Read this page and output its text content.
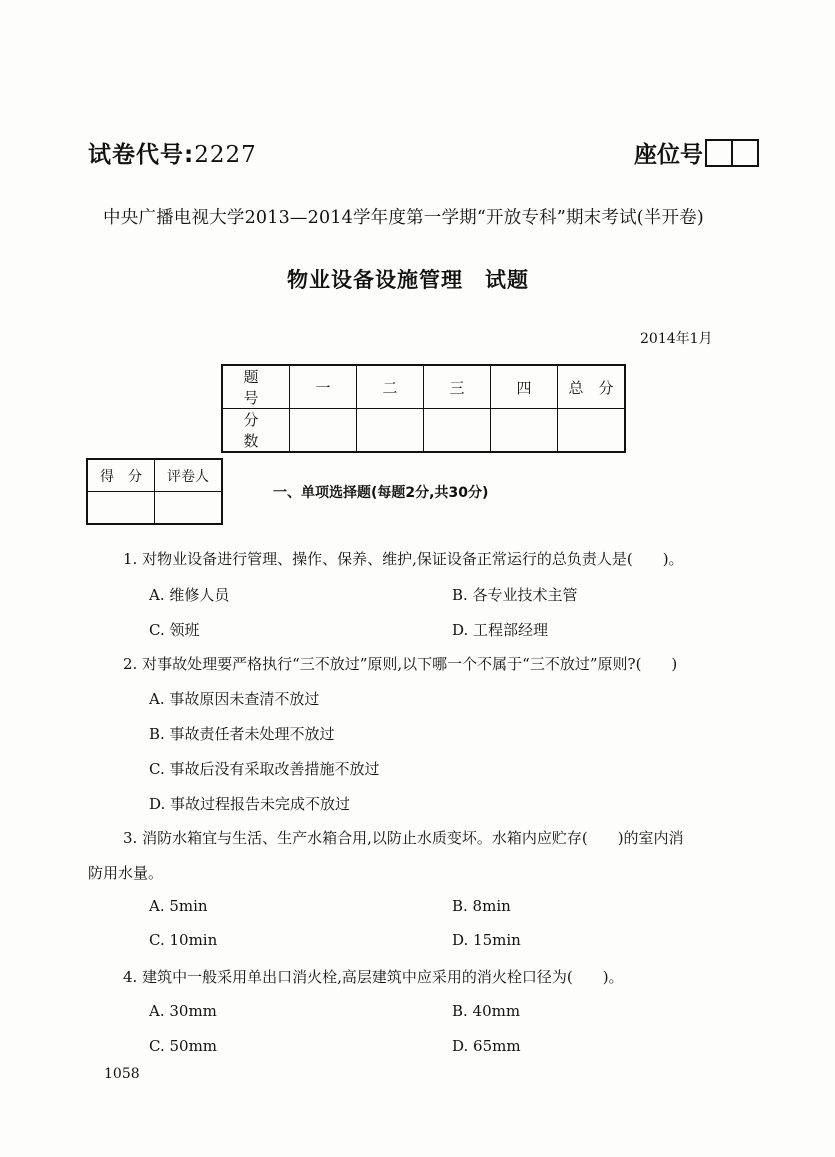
试卷代号:2227	座位号
中央广播电视大学2013—2014学年度第一学期“开放专科”期末考试(半开卷)
物业设备设施管理　试题
2014年1月
题　号	一	二	三	四	总　分
分　数					
得　分	评卷人

一、单项选择题(每题2分,共30分)
1. 对物业设备进行管理、操作、保养、维护,保证设备正常运行的总负责人是(　　)。
A. 维修人员	B. 各专业技术主管
C. 领班	D. 工程部经理
2. 对事故处理要严格执行“三不放过”原则,以下哪一个不属于“三不放过”原则?(　　)
A. 事故原因未查清不放过
B. 事故责任者未处理不放过
C. 事故后没有采取改善措施不放过
D. 事故过程报告未完成不放过
3. 消防水箱宜与生活、生产水箱合用,以防止水质变坏。水箱内应贮存(　　)的室内消
防用水量。
A. 5min	B. 8min
C. 10min	D. 15min
4. 建筑中一般采用单出口消火栓,高层建筑中应采用的消火栓口径为(　　)。
A. 30mm	B. 40mm
C. 50mm	D. 65mm
1058
